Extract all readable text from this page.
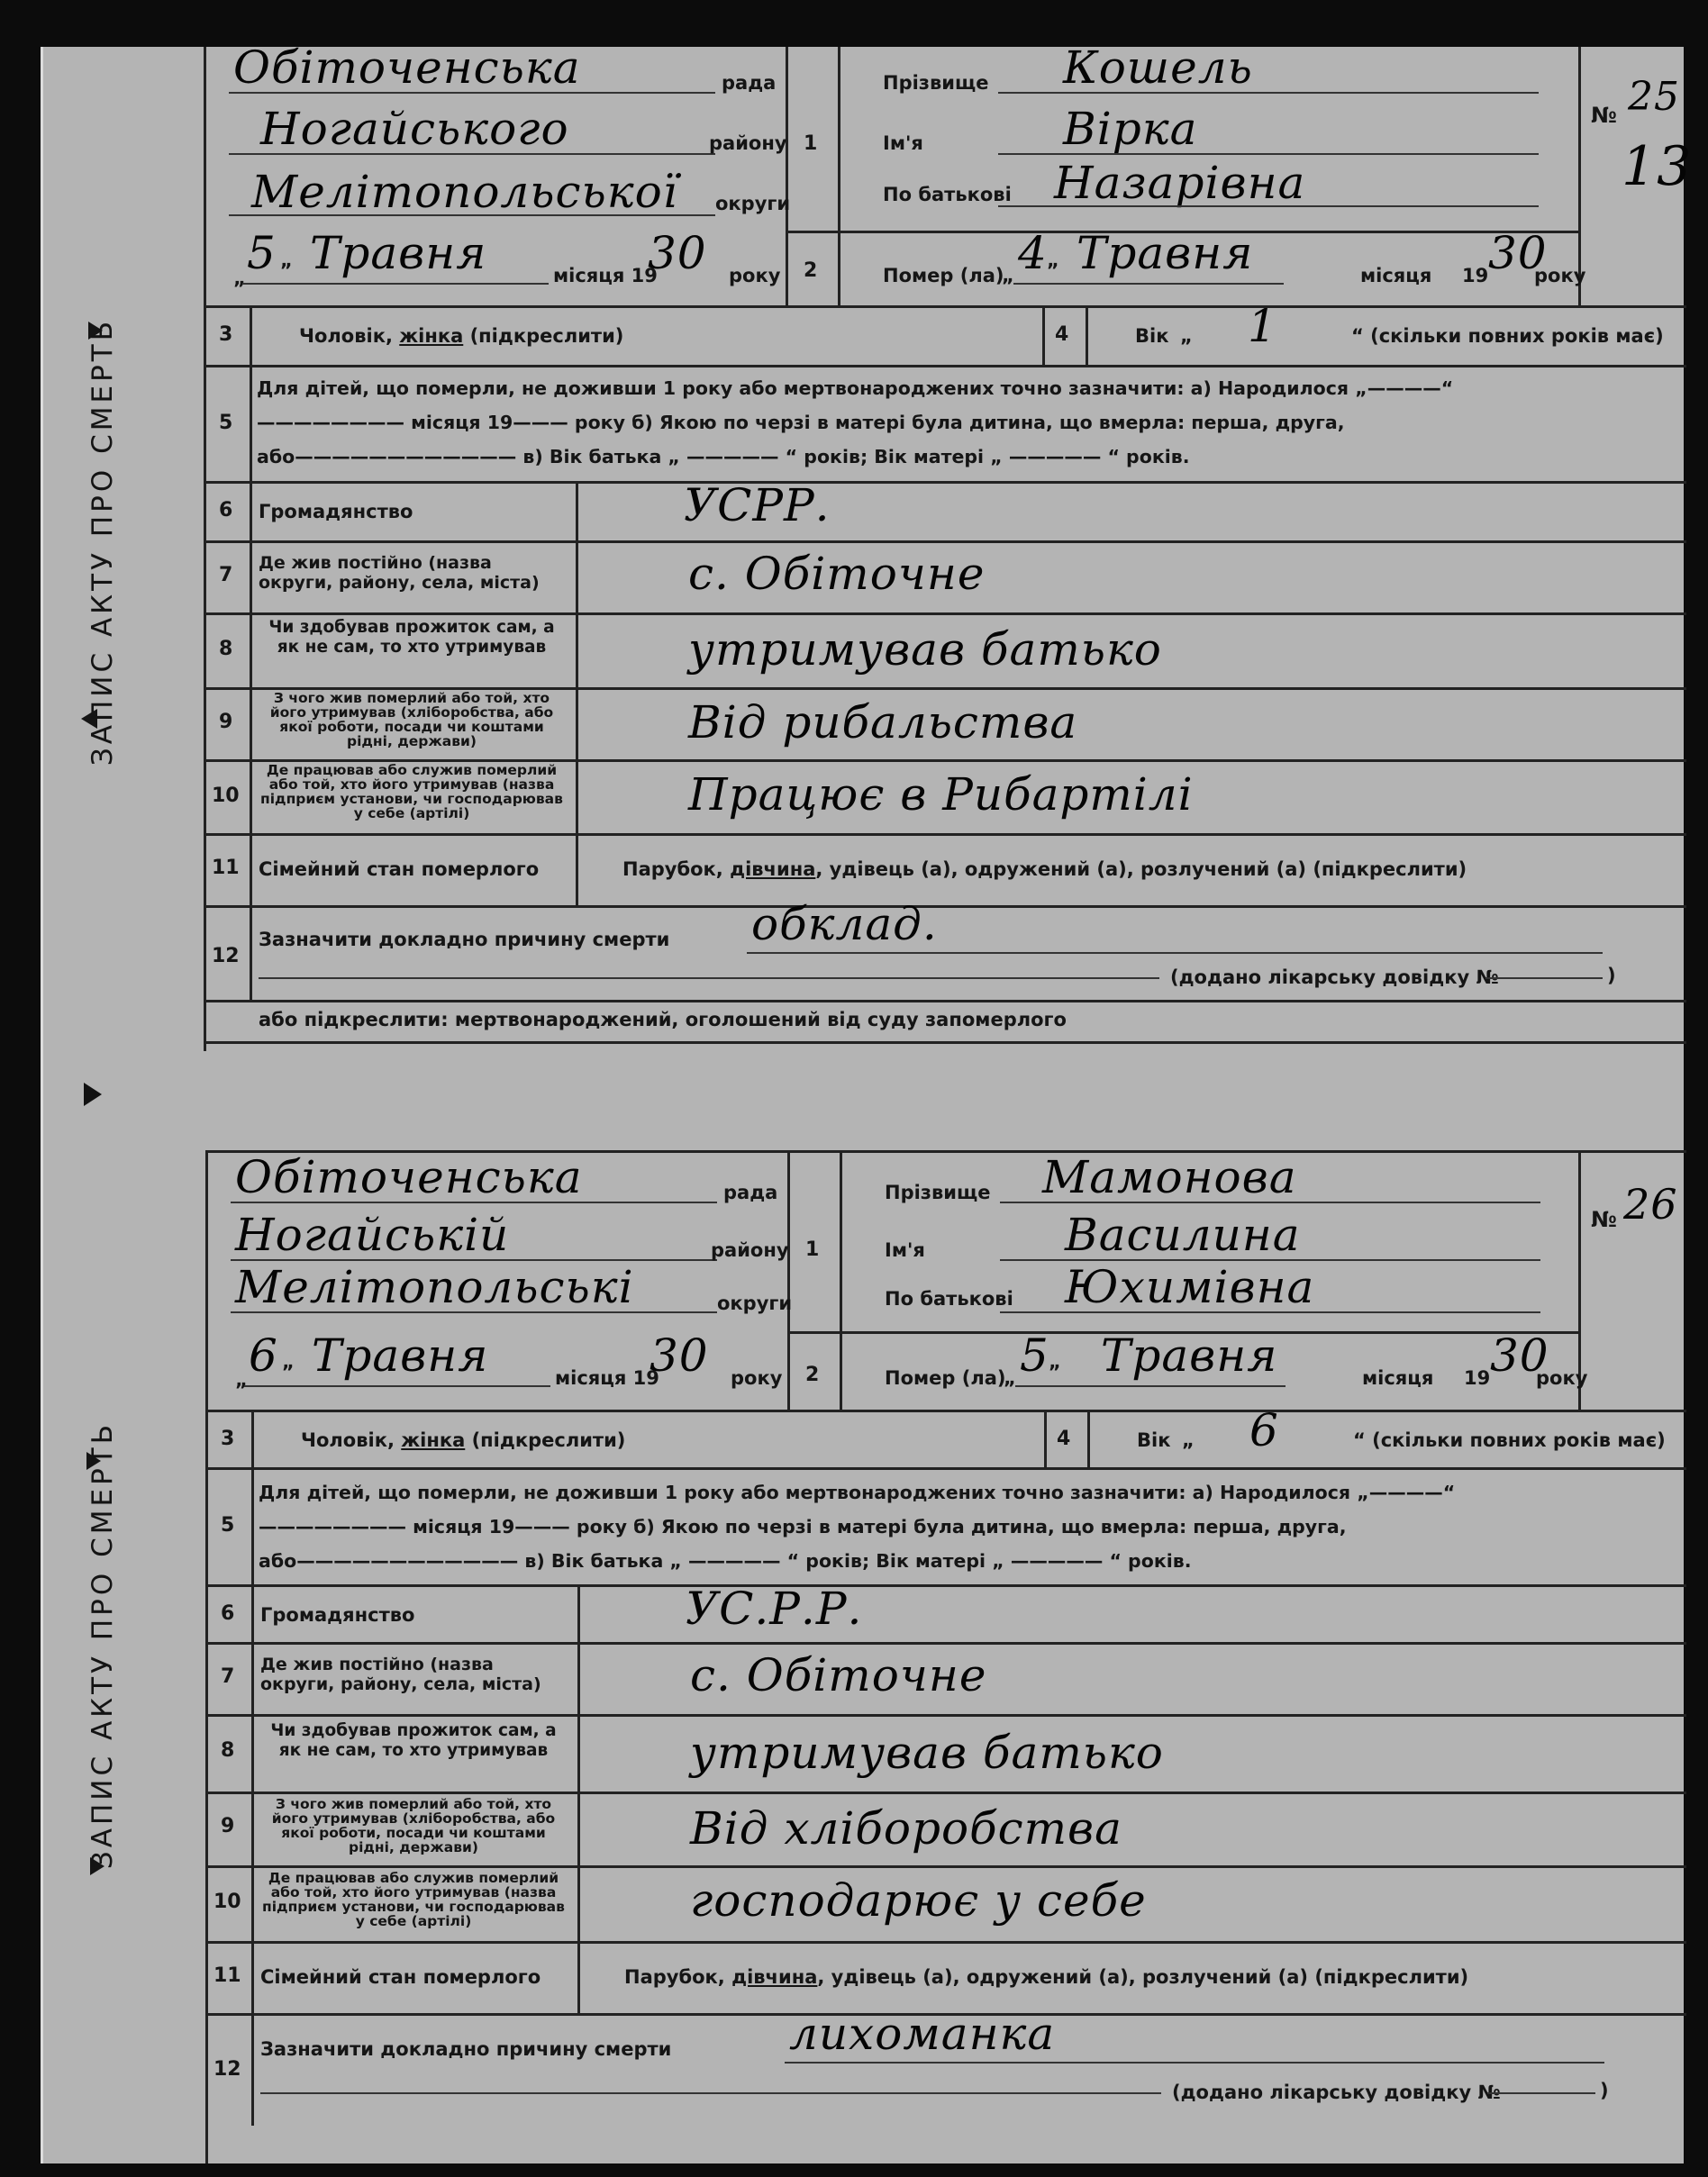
ЗАПИС АКТУ ПРО СМЕРТЬ
Обіточенська	рада
Ногайського	району
Мелітопольської округи
„ 5 „ Травня	місяця 19
30 року
1
2
Прізвище Кошель
Ім'я	Вірка
По батькові Назарівна
Помер (ла)
„ 4 „ Травня	місяця 19 30
року
№ 25
13
3	Чоловік, жінка (підкреслити)	4	Вік „ 1	“ (скільки повних років має)
5
Для дітей, що померли, не доживши 1 року або мертвонароджених точно зазначити: а) Народилося „————“
———————— місяця 19——— року б) Якою по черзі в матері була дитина, що вмерла: перша, друга,
або———————————— в) Вік батька „ ————— “ років; Вік матері „ ————— “ років.
6 Громадянство	УСРР.
7
Де жив постійно (назва округи, району, села, міста)	с. Обіточне
8
Чи здобував прожиток сам, а як не сам, то хто утримував	утримував батько
9
З чого жив померлий або той, хто його утримував (хліборобства, або якої роботи, посади чи коштами рідні, держави)	Від рибальства
10
Де працював або служив померлий або той, хто його утримував (назва підприєм установи, чи господарював у себе (артілі)	Працює в Рибартілі
11 Сімейний стан померлого	Парубок, дівчина, удівець (а), одружений (а), розлучений (а) (підкреслити)
12
Зазначити докладно причину смерти обклад.
(додано лікарську довідку №	)
або підкреслити: мертвонароджений, оголошений від суду запомерлого
ЗАПИС АКТУ ПРО СМЕРТЬ
Обіточенська	рада
Ногайській	району
Мелітопольські	округи
„ 6 „ Травня	місяця 19
30 року
1
2
Прізвище Мамонова
Ім'я	Василина
По батькові Юхимівна
Помер (ла)
„ 5 „ Травня	місяця 19 30
року
№ 26
3	Чоловік, жінка (підкреслити)	4	Вік „ 6	“ (скільки повних років має)
5
Для дітей, що померли, не доживши 1 року або мертвонароджених точно зазначити: а) Народилося „————“
———————— місяця 19——— року б) Якою по черзі в матері була дитина, що вмерла: перша, друга,
або———————————— в) Вік батька „ ————— “ років; Вік матері „ ————— “ років.
6 Громадянство	УС.Р.Р.
7
Де жив постійно (назва округи, району, села, міста)	с. Обіточне
8
Чи здобував прожиток сам, а як не сам, то хто утримував	утримував батько
9
З чого жив померлий або той, хто його утримував (хліборобства, або якої роботи, посади чи коштами рідні, держави)	Від хліборобства
10
Де працював або служив померлий або той, хто його утримував (назва підприєм установи, чи господарював у себе (артілі)	господарює у себе
11 Сімейний стан померлого	Парубок, дівчина, удівець (а), одружений (а), розлучений (а) (підкреслити)
12
Зазначити докладно причину смерти	лихоманка
(додано лікарську довідку №	)
